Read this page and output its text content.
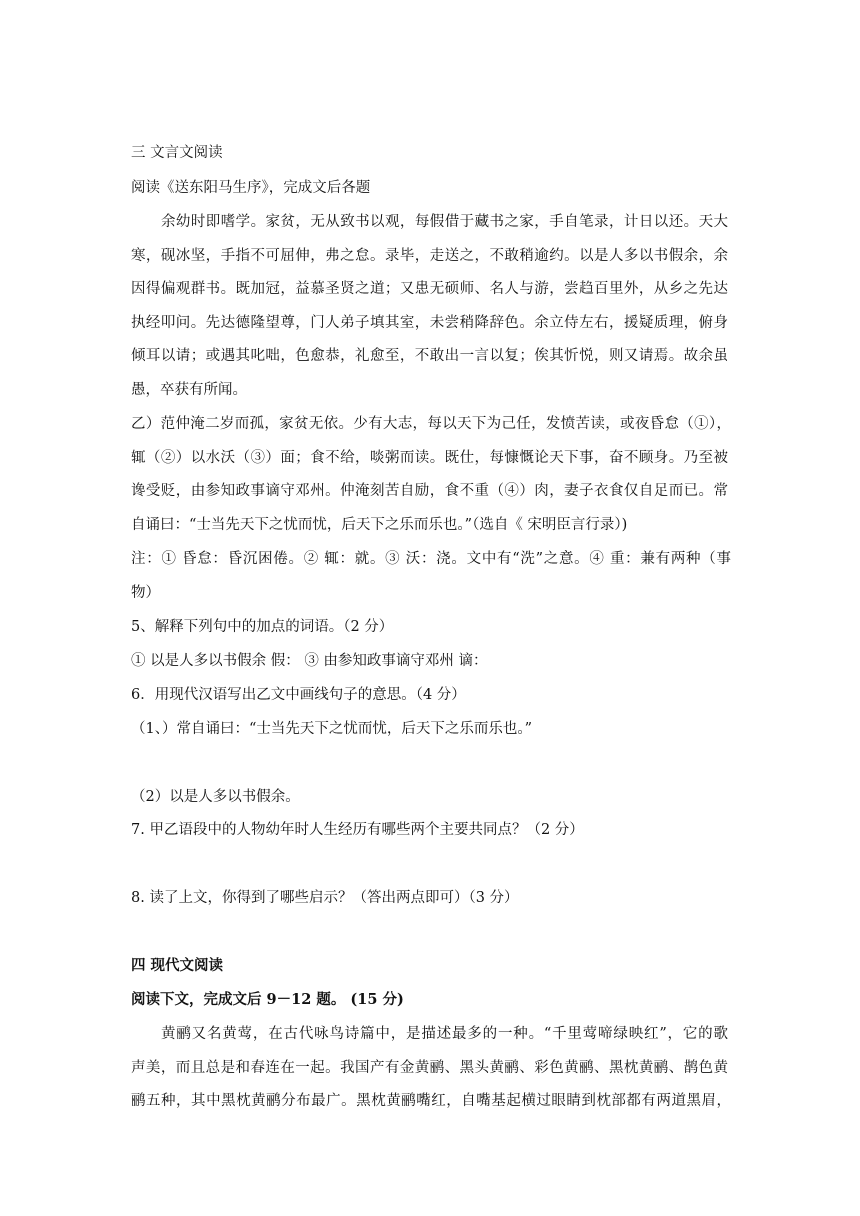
三 文言文阅读
阅读《送东阳马生序》，完成文后各题
余幼时即嗜学。家贫，无从致书以观，每假借于藏书之家，手自笔录，计日以还。天大
寒，砚冰坚，手指不可屈伸，弗之怠。录毕，走送之，不敢稍逾约。以是人多以书假余，余
因得偏观群书。既加冠，益慕圣贤之道；又患无硕师、名人与游，尝趋百里外，从乡之先达
执经叩问。先达德隆望尊，门人弟子填其室，未尝稍降辞色。余立侍左右，援疑质理，俯身
倾耳以请；或遇其叱咄，色愈恭，礼愈至，不敢出一言以复；俟其忻悦，则又请焉。故余虽
愚，卒获有所闻。
乙）范仲淹二岁而孤，家贫无依。少有大志，每以天下为己任，发愤苦读，或夜昏怠（①），
辄（②）以水沃（③）面；食不给，啖粥而读。既仕，每慷慨论天下事，奋不顾身。乃至被
谗受贬，由参知政事谪守邓州。仲淹刻苦自励，食不重（④）肉，妻子衣食仅自足而已。常
自诵曰：“士当先天下之忧而忧，后天下之乐而乐也。”（选自《 宋明臣言行录）)
注：① 昏怠：昏沉困倦。② 辄：就。③ 沃：浇。文中有“洗”之意。④ 重：兼有两种（事
物）
5、解释下列句中的加点的词语。（2 分）
① 以是人多以书假余 假： ③ 由参知政事谪守邓州 谪：
6．用现代汉语写出乙文中画线句子的意思。（4 分）
（1、）常自诵曰：“士当先天下之忧而忧，后天下之乐而乐也。”
（2）以是人多以书假余。
7. 甲乙语段中的人物幼年时人生经历有哪些两个主要共同点？（2 分）
8. 读了上文，你得到了哪些启示？（答出两点即可）（3 分）
四 现代文阅读
阅读下文，完成文后 9－12 题。 (15 分)
黄鹂又名黄莺，在古代咏鸟诗篇中，是描述最多的一种。“千里莺啼绿映红”，它的歌
声美，而且总是和春连在一起。我国产有金黄鹂、黑头黄鹂、彩色黄鹂、黑枕黄鹂、鹊色黄
鹂五种，其中黑枕黄鹂分布最广。黑枕黄鹂嘴红，自嘴基起横过眼睛到枕部都有两道黑眉，
